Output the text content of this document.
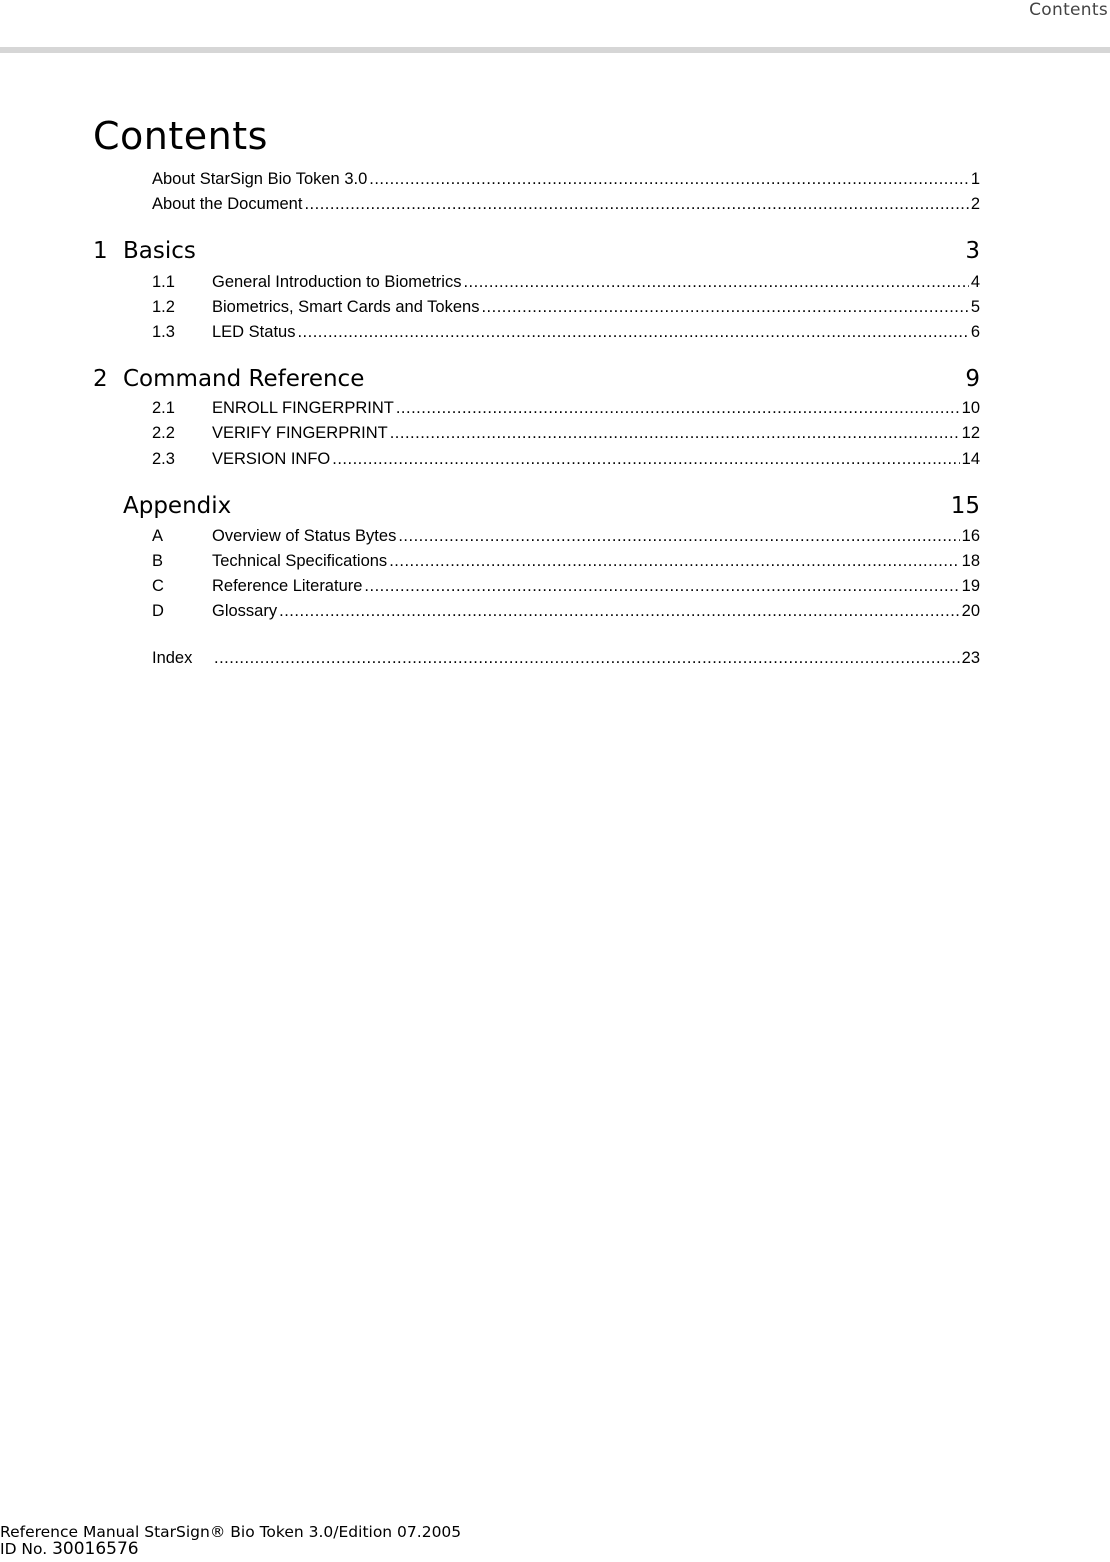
Contents
Contents
About StarSign Bio Token 3.0 .....	1
About the Document .....	2
1 Basics	3
1.1	General Introduction to Biometrics .....	4
1.2	Biometrics, Smart Cards and Tokens .....	5
1.3	LED Status .....	6
2 Command Reference	9
2.1	ENROLL FINGERPRINT .....	10
2.2	VERIFY FINGERPRINT .....	12
2.3	VERSION INFO .....	14
Appendix	15
A	Overview of Status Bytes .....	16
B	Technical Specifications .....	18
C	Reference Literature .....	19
D	Glossary .....	20
Index .....	23
Reference Manual StarSign® Bio Token 3.0/Edition 07.2005
ID No. 30016576
